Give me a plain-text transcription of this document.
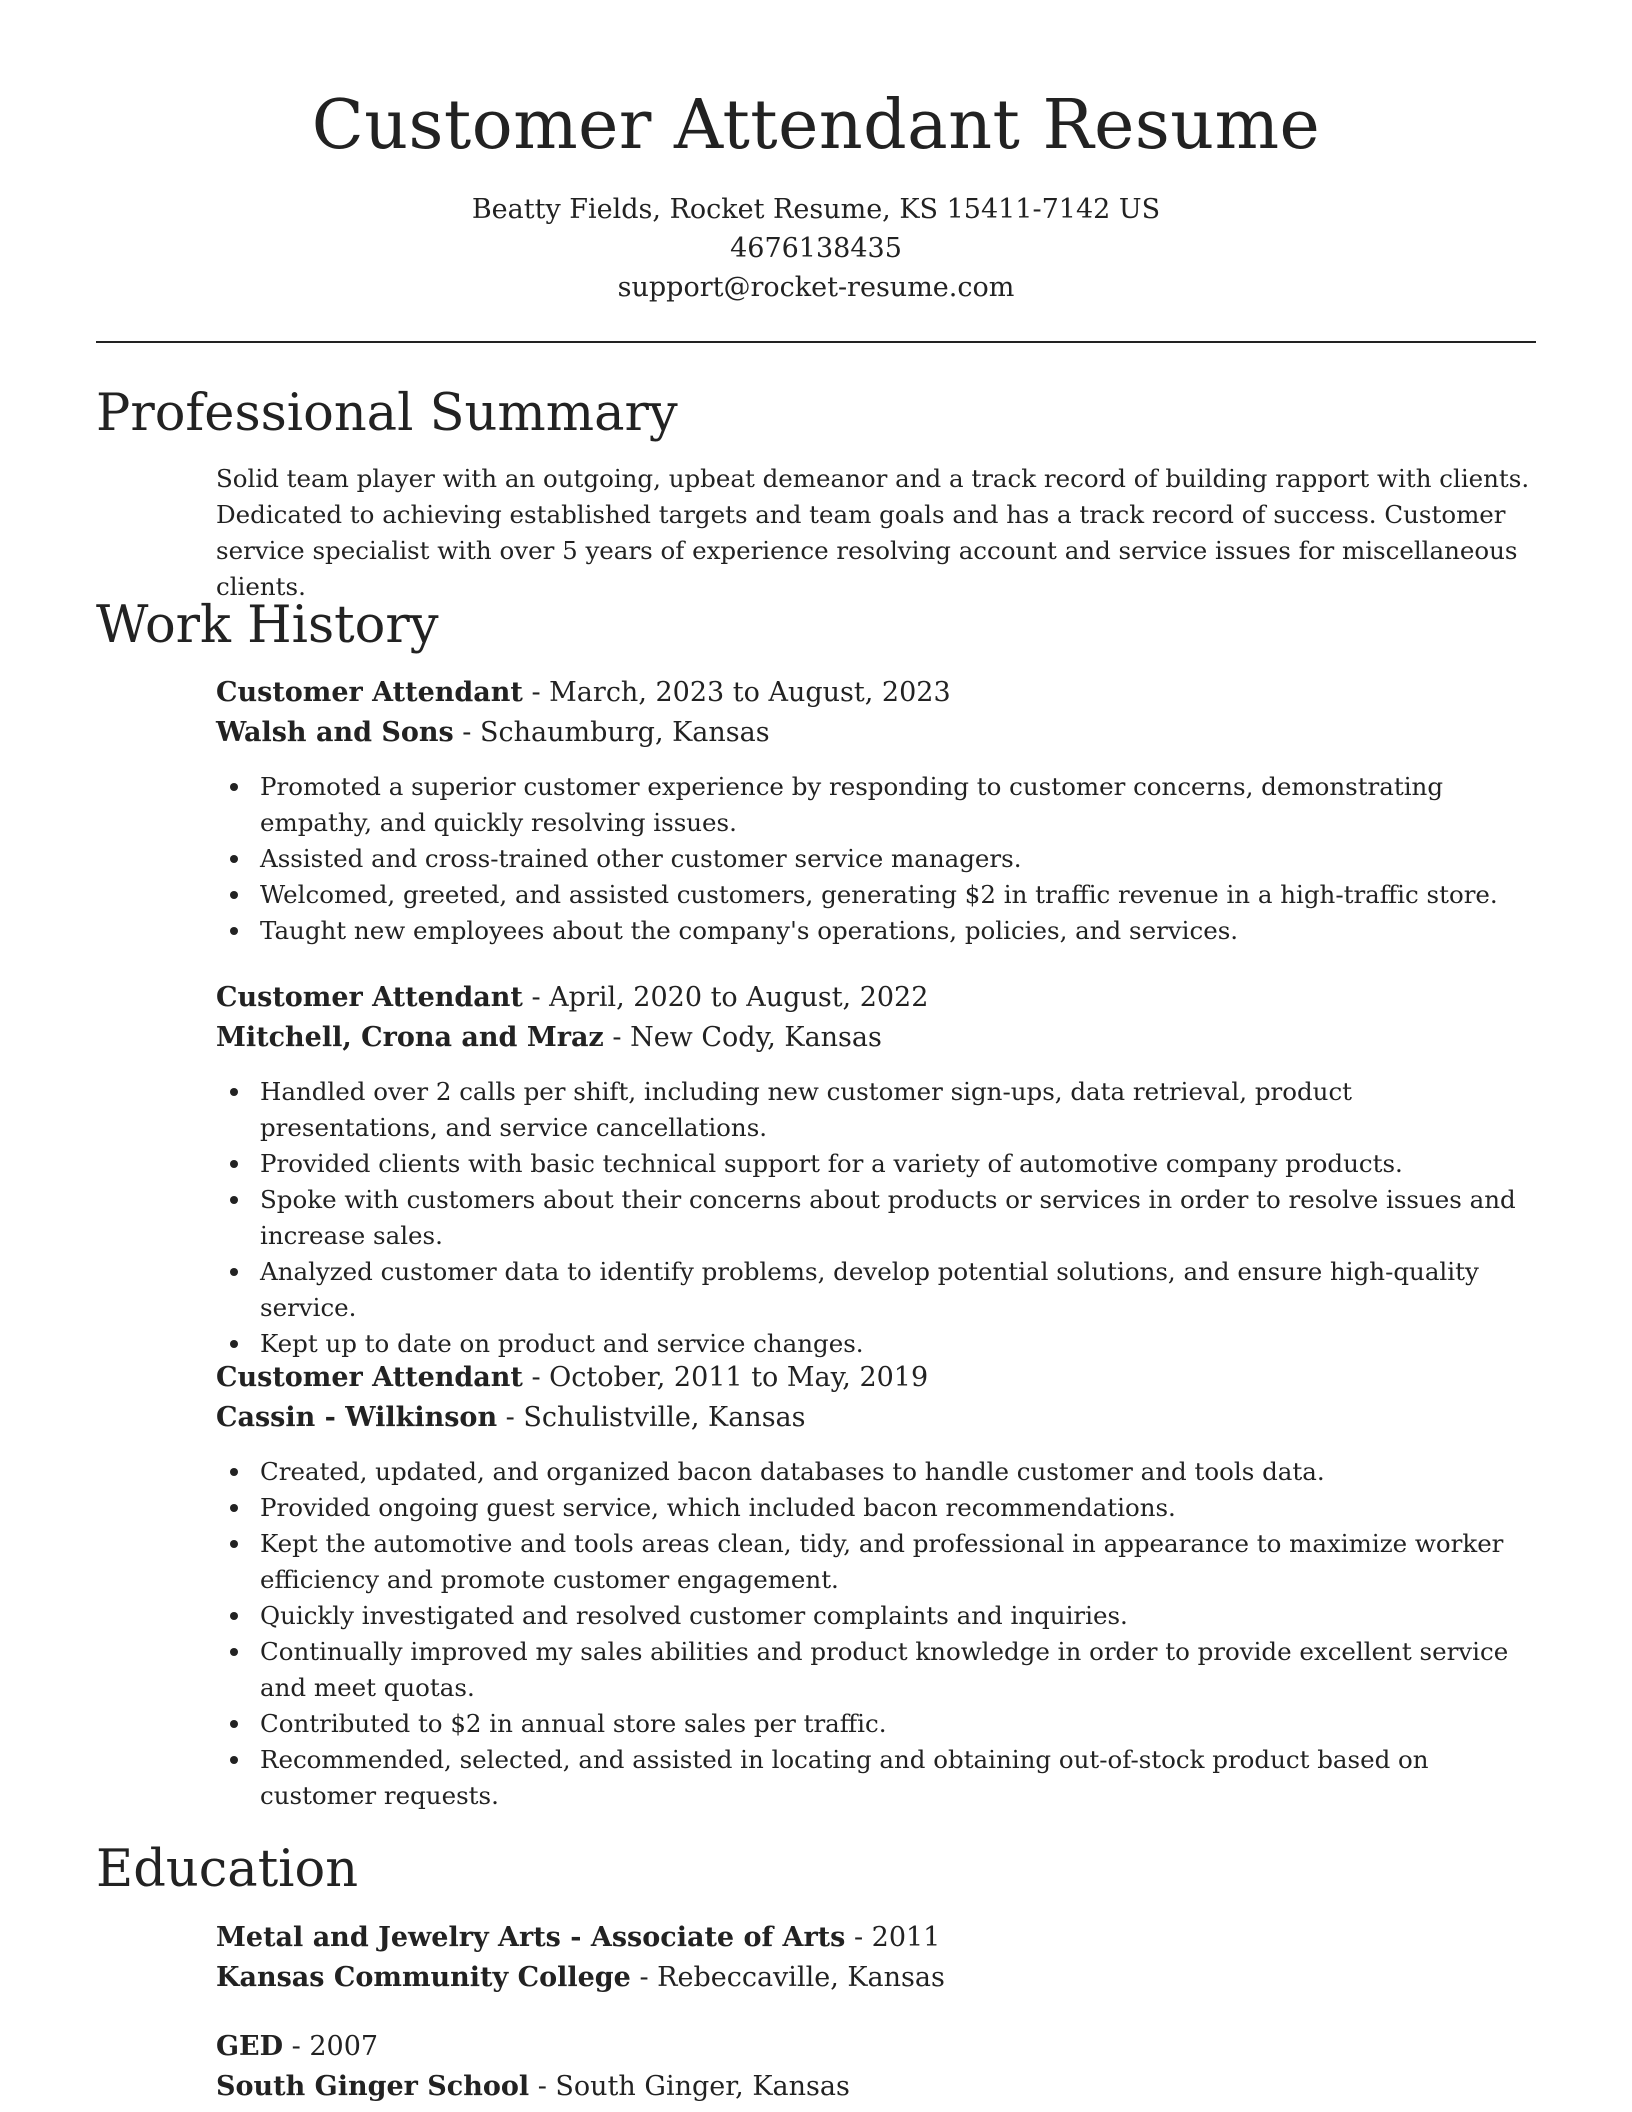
Customer Attendant Resume
Beatty Fields, Rocket Resume, KS 15411-7142 US
4676138435
support@rocket-resume.com
Professional Summary
Solid team player with an outgoing, upbeat demeanor and a track record of building rapport with clients. Dedicated to achieving established targets and team goals and has a track record of success. Customer service specialist with over 5 years of experience resolving account and service issues for miscellaneous clients.
Work History
Customer Attendant - March, 2023 to August, 2023
Walsh and Sons - Schaumburg, Kansas
Promoted a superior customer experience by responding to customer concerns, demonstrating empathy, and quickly resolving issues.
Assisted and cross-trained other customer service managers.
Welcomed, greeted, and assisted customers, generating $2 in traffic revenue in a high-traffic store.
Taught new employees about the company's operations, policies, and services.
Customer Attendant - April, 2020 to August, 2022
Mitchell, Crona and Mraz - New Cody, Kansas
Handled over 2 calls per shift, including new customer sign-ups, data retrieval, product presentations, and service cancellations.
Provided clients with basic technical support for a variety of automotive company products.
Spoke with customers about their concerns about products or services in order to resolve issues and increase sales.
Analyzed customer data to identify problems, develop potential solutions, and ensure high-quality service.
Kept up to date on product and service changes.
Customer Attendant - October, 2011 to May, 2019
Cassin - Wilkinson - Schulistville, Kansas
Created, updated, and organized bacon databases to handle customer and tools data.
Provided ongoing guest service, which included bacon recommendations.
Kept the automotive and tools areas clean, tidy, and professional in appearance to maximize worker efficiency and promote customer engagement.
Quickly investigated and resolved customer complaints and inquiries.
Continually improved my sales abilities and product knowledge in order to provide excellent service and meet quotas.
Contributed to $2 in annual store sales per traffic.
Recommended, selected, and assisted in locating and obtaining out-of-stock product based on customer requests.
Education
Metal and Jewelry Arts - Associate of Arts - 2011
Kansas Community College - Rebeccaville, Kansas
GED - 2007
South Ginger School - South Ginger, Kansas
